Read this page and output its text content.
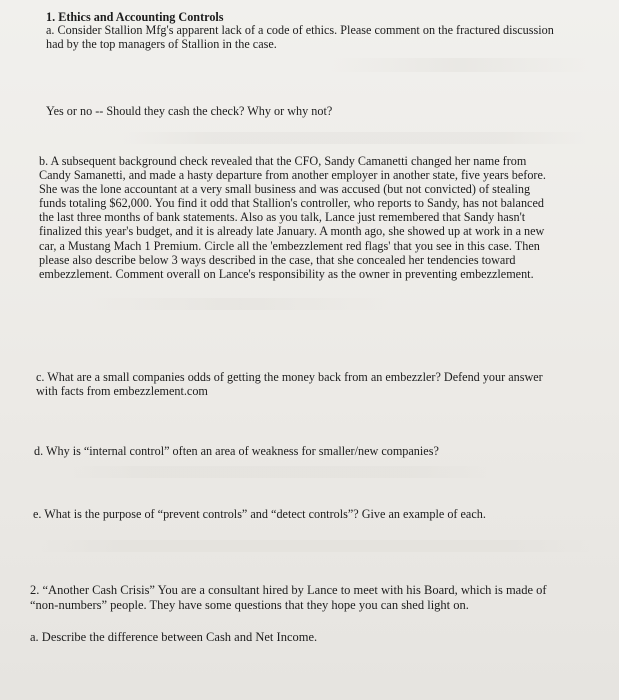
1. Ethics and Accounting Controls

a. Consider Stallion Mfg's apparent lack of a code of ethics. Please comment on the fractured discussion
had by the top managers of Stallion in the case.

Yes or no -- Should they cash the check? Why or why not?

b. A subsequent background check revealed that the CFO, Sandy Camanetti changed her name from
Candy Samanetti, and made a hasty departure from another employer in another state, five years before.
She was the lone accountant at a very small business and was accused (but not convicted) of stealing
funds totaling $62,000. You find it odd that Stallion's controller, who reports to Sandy, has not balanced
the last three months of bank statements. Also as you talk, Lance just remembered that Sandy hasn't
finalized this year's budget, and it is already late January. A month ago, she showed up at work in a new
car, a Mustang Mach 1 Premium. Circle all the 'embezzlement red flags' that you see in this case. Then
please also describe below 3 ways described in the case, that she concealed her tendencies toward
embezzlement. Comment overall on Lance's responsibility as the owner in preventing embezzlement.
c. What are a small companies odds of getting the money back from an embezzler? Defend your answer
with facts from embezzlement.com

d. Why is “internal control” often an area of weakness for smaller/new companies?

e. What is the purpose of “prevent controls” and “detect controls”? Give an example of each.

2. “Another Cash Crisis” You are a consultant hired by Lance to meet with his Board, which is made of
“non-numbers” people. They have some questions that they hope you can shed light on.

a. Describe the difference between Cash and Net Income.
